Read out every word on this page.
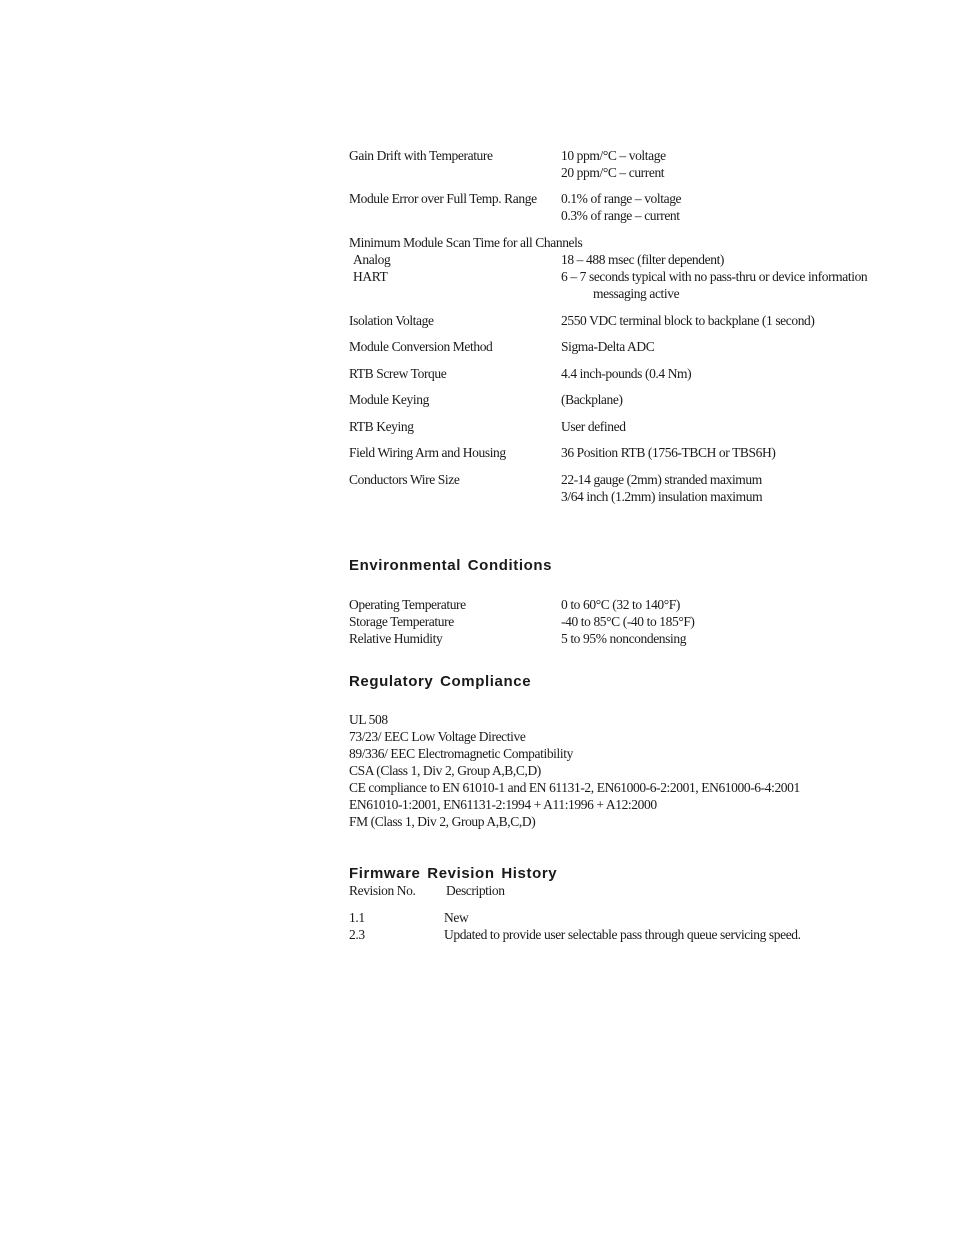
Gain Drift with Temperature	10 ppm/°C – voltage
20 ppm/°C – current
Module Error over Full Temp. Range	0.1% of range – voltage
0.3% of range – current
Minimum Module Scan Time for all Channels
Analog	18 – 488 msec (filter dependent)
HART	6 – 7 seconds typical with no pass-thru or device information
messaging active
Isolation Voltage	2550 VDC terminal block to backplane (1 second)
Module Conversion Method	Sigma-Delta ADC
RTB Screw Torque	4.4 inch-pounds (0.4 Nm)
Module Keying	(Backplane)
RTB Keying	User defined
Field Wiring Arm and Housing	36 Position RTB (1756-TBCH or TBS6H)
Conductors Wire Size	22-14 gauge (2mm) stranded maximum
3/64 inch (1.2mm) insulation maximum
Environmental Conditions
Operating Temperature	0 to 60°C (32 to 140°F)
Storage Temperature	-40 to 85°C (-40 to 185°F)
Relative Humidity	5 to 95% noncondensing
Regulatory Compliance
UL 508
73/23/ EEC Low Voltage Directive
89/336/ EEC Electromagnetic Compatibility
CSA (Class 1, Div 2, Group A,B,C,D)
CE compliance to EN 61010-1 and EN 61131-2, EN61000-6-2:2001, EN61000-6-4:2001
EN61010-1:2001, EN61131-2:1994 + A11:1996 + A12:2000
FM (Class 1, Div 2, Group A,B,C,D)
Firmware Revision History
Revision No.	Description
1.1	New
2.3	Updated to provide user selectable pass through queue servicing speed.
